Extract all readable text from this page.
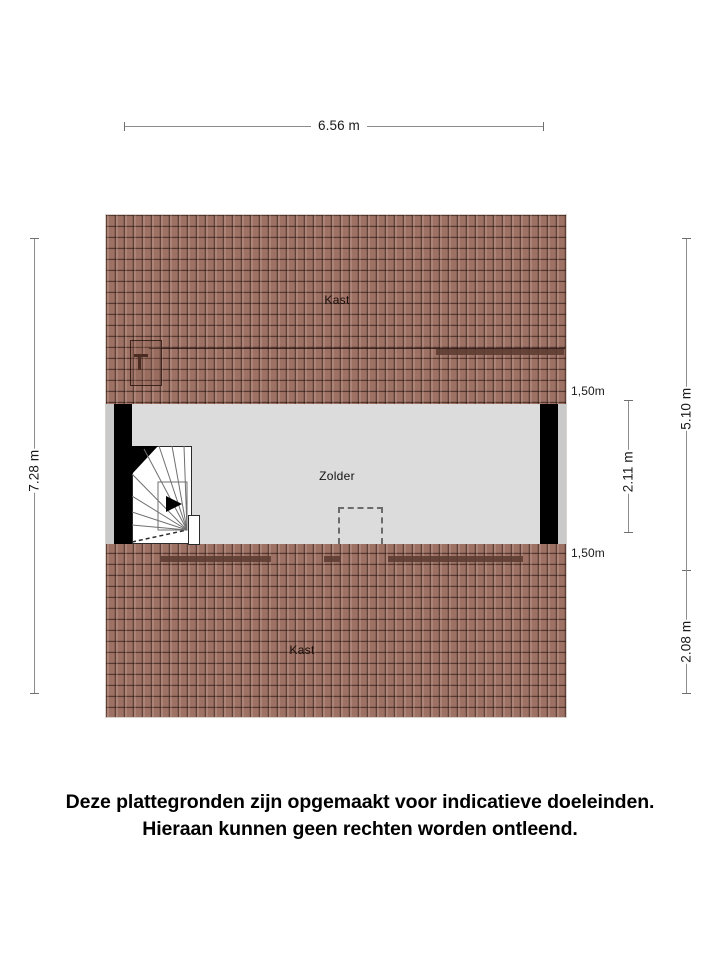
6.56 m
7.28 m
5.10 m
2.08 m
2.11 m
1,50m
1,50m
Kast
Zolder
Kast
Deze plattegronden zijn opgemaakt voor indicatieve doeleinden.
Hieraan kunnen geen rechten worden ontleend.
